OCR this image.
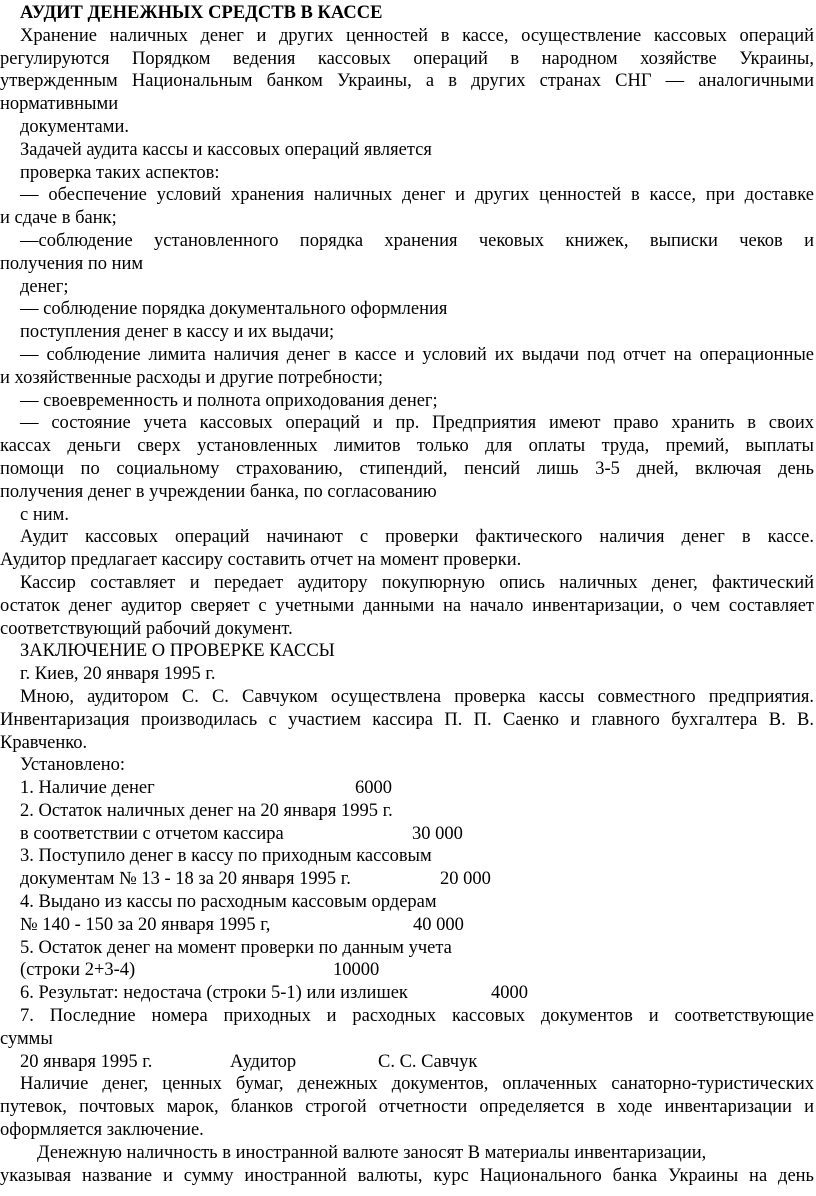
АУДИТ ДЕНЕЖНЫХ СРЕДСТВ В КАССЕ
Хранение наличных денег и других ценностей в кассе, осуществление кассовых операций
регулируются Порядком ведения кассовых операций в народном хозяйстве Украины,
утвержденным Национальным банком Украины, а в других странах СНГ — аналогичными
нормативными
документами.
Задачей аудита кассы и кассовых операций является
проверка таких аспектов:
— обеспечение условий хранения наличных денег и других ценностей в кассе, при доставке
и сдаче в банк;
—соблюдение установленного порядка хранения чековых книжек, выписки чеков и
получения по ним
денег;
— соблюдение порядка документального оформления
поступления денег в кассу и их выдачи;
— соблюдение лимита наличия денег в кассе и условий их выдачи под отчет на операционные
и хозяйственные расходы и другие потребности;
— своевременность и полнота оприходования денег;
— состояние учета кассовых операций и пр. Предприятия имеют право хранить в своих
кассах деньги сверх установленных лимитов только для оплаты труда, премий, выплаты
помощи по социальному страхованию, стипендий, пенсий лишь 3-5 дней, включая день
получения денег в учреждении банка, по согласованию
с ним.
Аудит кассовых операций начинают с проверки фактического наличия денег в кассе.
Аудитор предлагает кассиру составить отчет на момент проверки.
Кассир составляет и передает аудитору покупюрную опись наличных денег, фактический
остаток денег аудитор сверяет с учетными данными на начало инвентаризации, о чем составляет
соответствующий рабочий документ.
ЗАКЛЮЧЕНИЕ О ПРОВЕРКЕ КАССЫ
г. Киев, 20 января 1995 г.
Мною, аудитором С. С. Савчуком осуществлена проверка кассы совместного предприятия.
Инвентаризация производилась с участием кассира П. П. Саенко и главного бухгалтера В. В.
Кравченко.
Установлено:
1. Наличие денег	6000
2. Остаток наличных денег на 20 января 1995 г.
в соответствии с отчетом кассира	30 000
3. Поступило денег в кассу по приходным кассовым
документам № 13 - 18 за 20 января 1995 г.	20 000
4. Выдано из кассы по расходным кассовым ордерам
№ 140 - 150 за 20 января 1995 г,	40 000
5. Остаток денег на момент проверки по данным учета
(строки 2+3-4)	10000
6. Результат: недостача (строки 5-1) или излишек	4000
7. Последние номера приходных и расходных кассовых документов и соответствующие
суммы
20 января 1995 г.	Аудитор	С. С. Савчук
Наличие денег, ценных бумаг, денежных документов, оплаченных санаторно-туристических
путевок, почтовых марок, бланков строгой отчетности определяется в ходе инвентаризации и
оформляется заключение.
Денежную наличность в иностранной валюте заносят В материалы инвентаризации,
указывая название и сумму иностранной валюты, курс Национального банка Украины на день
